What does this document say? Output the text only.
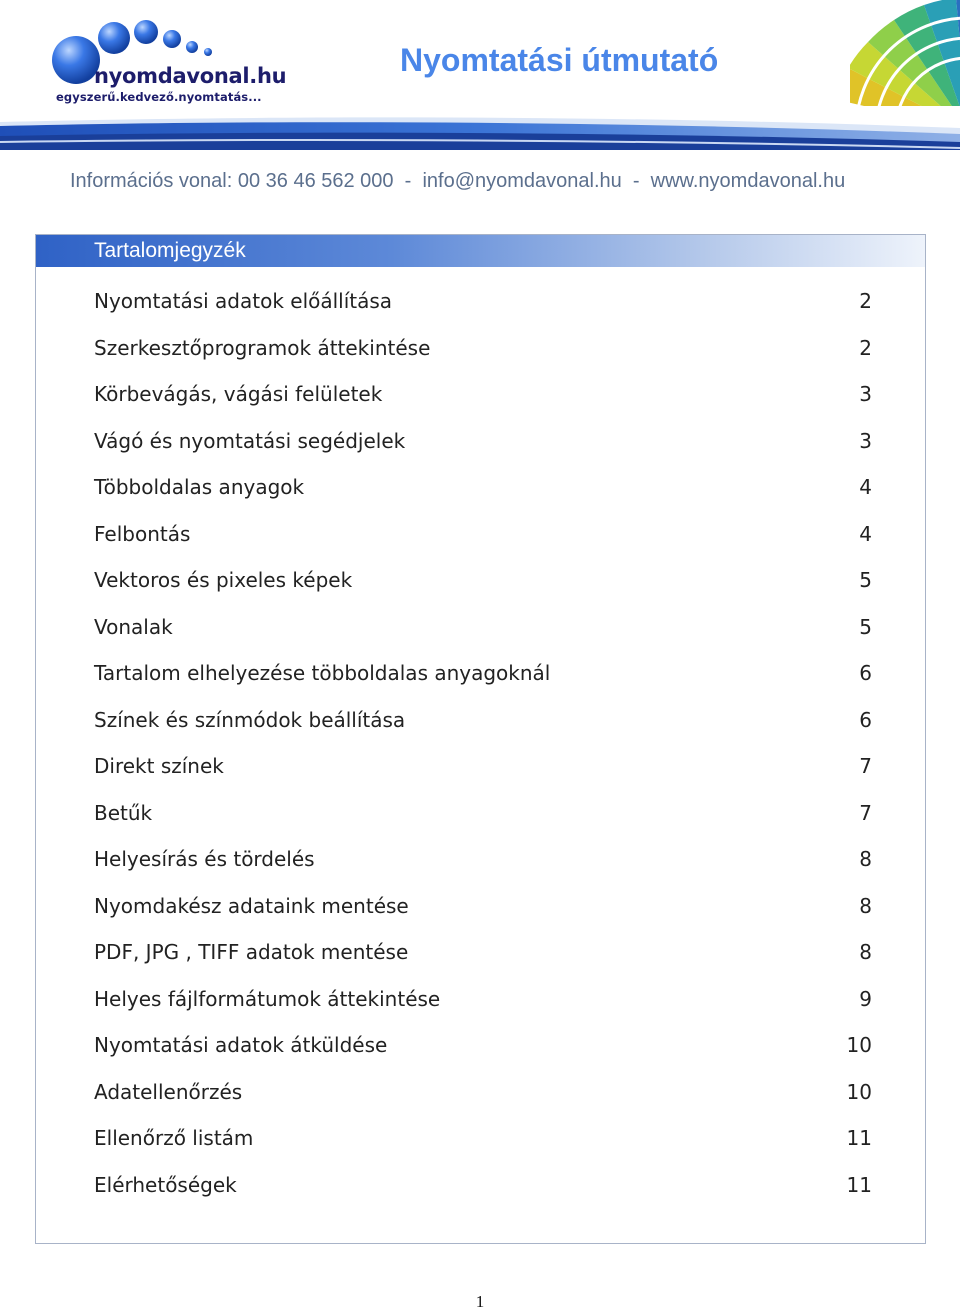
nyomdavonal.hu
egyszerű.kedvező.nyomtatás...
Nyomtatási útmutató
Információs vonal: 00 36 46 562 000  -  info@nyomdavonal.hu  -  www.nyomdavonal.hu
Tartalomjegyzék
Nyomtatási adatok előállítása	2
Szerkesztőprogramok áttekintése	2
Körbevágás, vágási felületek	3
Vágó és nyomtatási segédjelek	3
Többoldalas anyagok	4
Felbontás	4
Vektoros és pixeles képek	5
Vonalak	5
Tartalom elhelyezése többoldalas anyagoknál	6
Színek és színmódok beállítása	6
Direkt színek	7
Betűk	7
Helyesírás és tördelés	8
Nyomdakész adataink mentése	8
PDF, JPG , TIFF adatok mentése	8
Helyes fájlformátumok áttekintése	9
Nyomtatási adatok átküldése	10
Adatellenőrzés	10
Ellenőrző listám	11
Elérhetőségek	11
1
